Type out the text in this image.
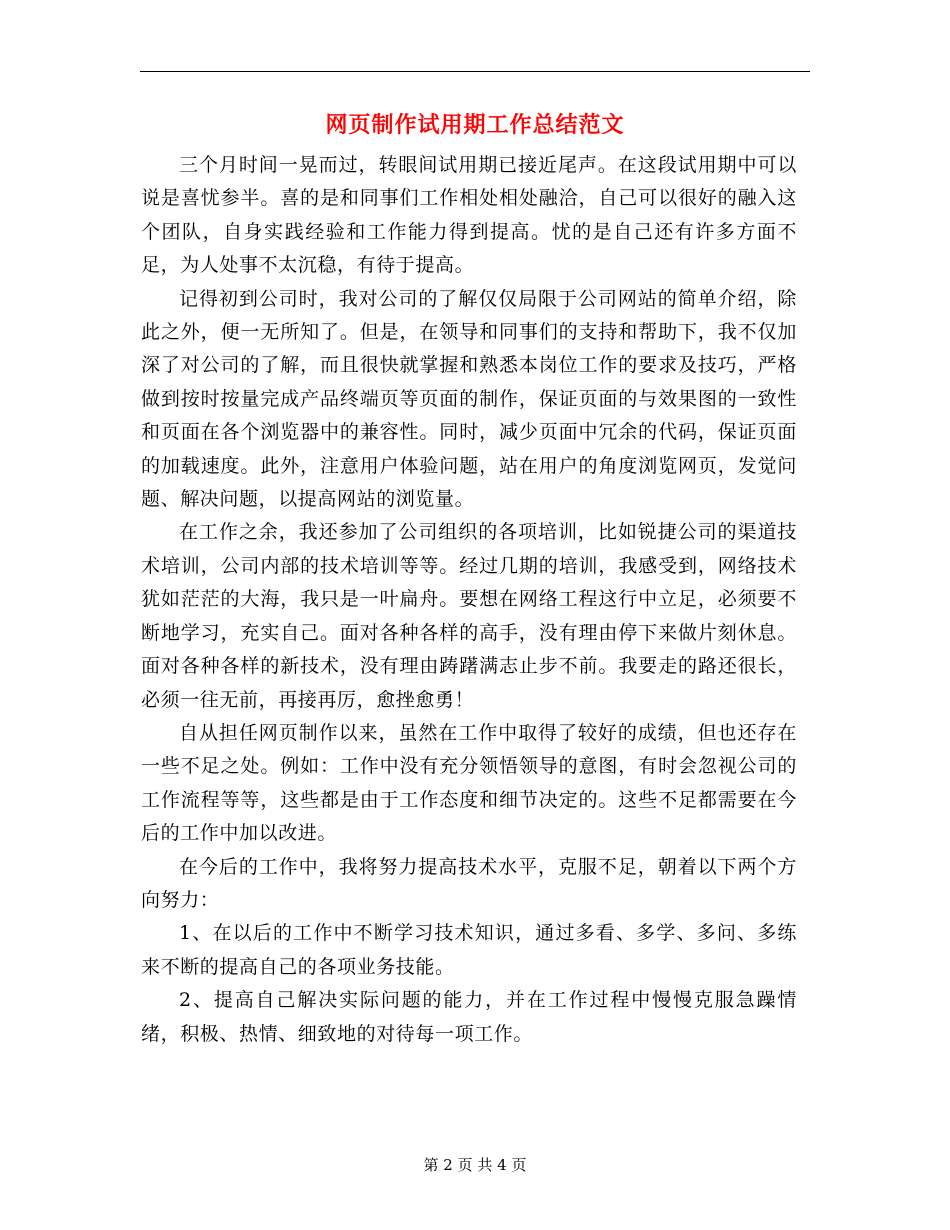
网页制作试用期工作总结范文

三个月时间一晃而过，转眼间试用期已接近尾声。在这段试用期中可以说是喜忧参半。喜的是和同事们工作相处相处融洽，自己可以很好的融入这个团队，自身实践经验和工作能力得到提高。忧的是自己还有许多方面不足，为人处事不太沉稳，有待于提高。

记得初到公司时，我对公司的了解仅仅局限于公司网站的简单介绍，除此之外，便一无所知了。但是，在领导和同事们的支持和帮助下，我不仅加深了对公司的了解，而且很快就掌握和熟悉本岗位工作的要求及技巧，严格做到按时按量完成产品终端页等页面的制作，保证页面的与效果图的一致性和页面在各个浏览器中的兼容性。同时，减少页面中冗余的代码，保证页面的加载速度。此外，注意用户体验问题，站在用户的角度浏览网页，发觉问题、解决问题，以提高网站的浏览量。

在工作之余，我还参加了公司组织的各项培训，比如锐捷公司的渠道技术培训，公司内部的技术培训等等。经过几期的培训，我感受到，网络技术犹如茫茫的大海，我只是一叶扁舟。要想在网络工程这行中立足，必须要不断地学习，充实自己。面对各种各样的高手，没有理由停下来做片刻休息。面对各种各样的新技术，没有理由踌躇满志止步不前。我要走的路还很长，必须一往无前，再接再厉，愈挫愈勇！

自从担任网页制作以来，虽然在工作中取得了较好的成绩，但也还存在一些不足之处。例如：工作中没有充分领悟领导的意图，有时会忽视公司的工作流程等等，这些都是由于工作态度和细节决定的。这些不足都需要在今后的工作中加以改进。

在今后的工作中，我将努力提高技术水平，克服不足，朝着以下两个方向努力：

1、在以后的工作中不断学习技术知识，通过多看、多学、多问、多练来不断的提高自己的各项业务技能。

2、提高自己解决实际问题的能力，并在工作过程中慢慢克服急躁情绪，积极、热情、细致地的对待每一项工作。

第 2 页 共 4 页
